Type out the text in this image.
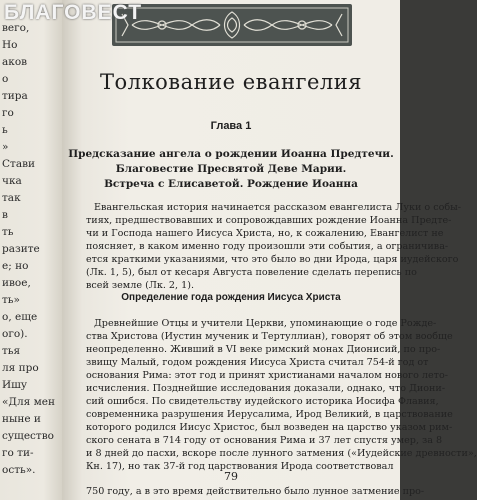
БЛАГОВЕСТ
вего,
Но
аков
о
тира
го
ь
»
Стави
чка
так
в
ть
разите
е; но
ивое,
ть»
о, еще
ого).
тья
ля про
Ишу
«Для мен
ныне и
существо
го ти-
ость».
Толкование евангелия
Глава 1
Предсказание ангела о рождении Иоанна Предтечи.
Благовестие Пресвятой Деве Марии.
Встреча с Елисаветой. Рождение Иоанна
Евангельская история начинается рассказом евангелиста Луки о собы-
тиях, предшествовавших и сопровождавших рождение Иоанна Предте-
чи и Господа нашего Иисуса Христа, но, к сожалению, Евангелист не
поясняет, в каком именно году произошли эти события, а ограничива-
ется краткими указаниями, что это было во дни Ирода, царя иудейского
(Лк. 1, 5), был от кесаря Августа повеление сделать перепись по
всей земле (Лк. 2, 1).
Определение года рождения Иисуса Христа
Древнейшие Отцы и учители Церкви, упоминающие о годе Рожде-
ства Христова (Иустин мученик и Тертуллиан), говорят об этом вообще
неопределенно. Живший в VI веке римский монах Дионисий, по про-
звищу Малый, годом рождения Иисуса Христа считал 754-й год от
основания Рима: этот год и принят христианами началом нового лето-
исчисления. Позднейшие исследования доказали, однако, что Диони-
сий ошибся. По свидетельству иудейского историка Иосифа Флавия,
современника разрушения Иерусалима, Ирод Великий, в царствование
которого родился Иисус Христос, был возведен на царство указом рим-
ского сената в 714 году от основания Рима и 37 лет спустя умер, за 8
и 8 дней до пасхи, вскоре после лунного затмения («Иудейские древности»,
Кн. 17), но так 37-й год царствования Ирода соответствовал
750 году, а в это время действительно было лунное затмение про-
79
